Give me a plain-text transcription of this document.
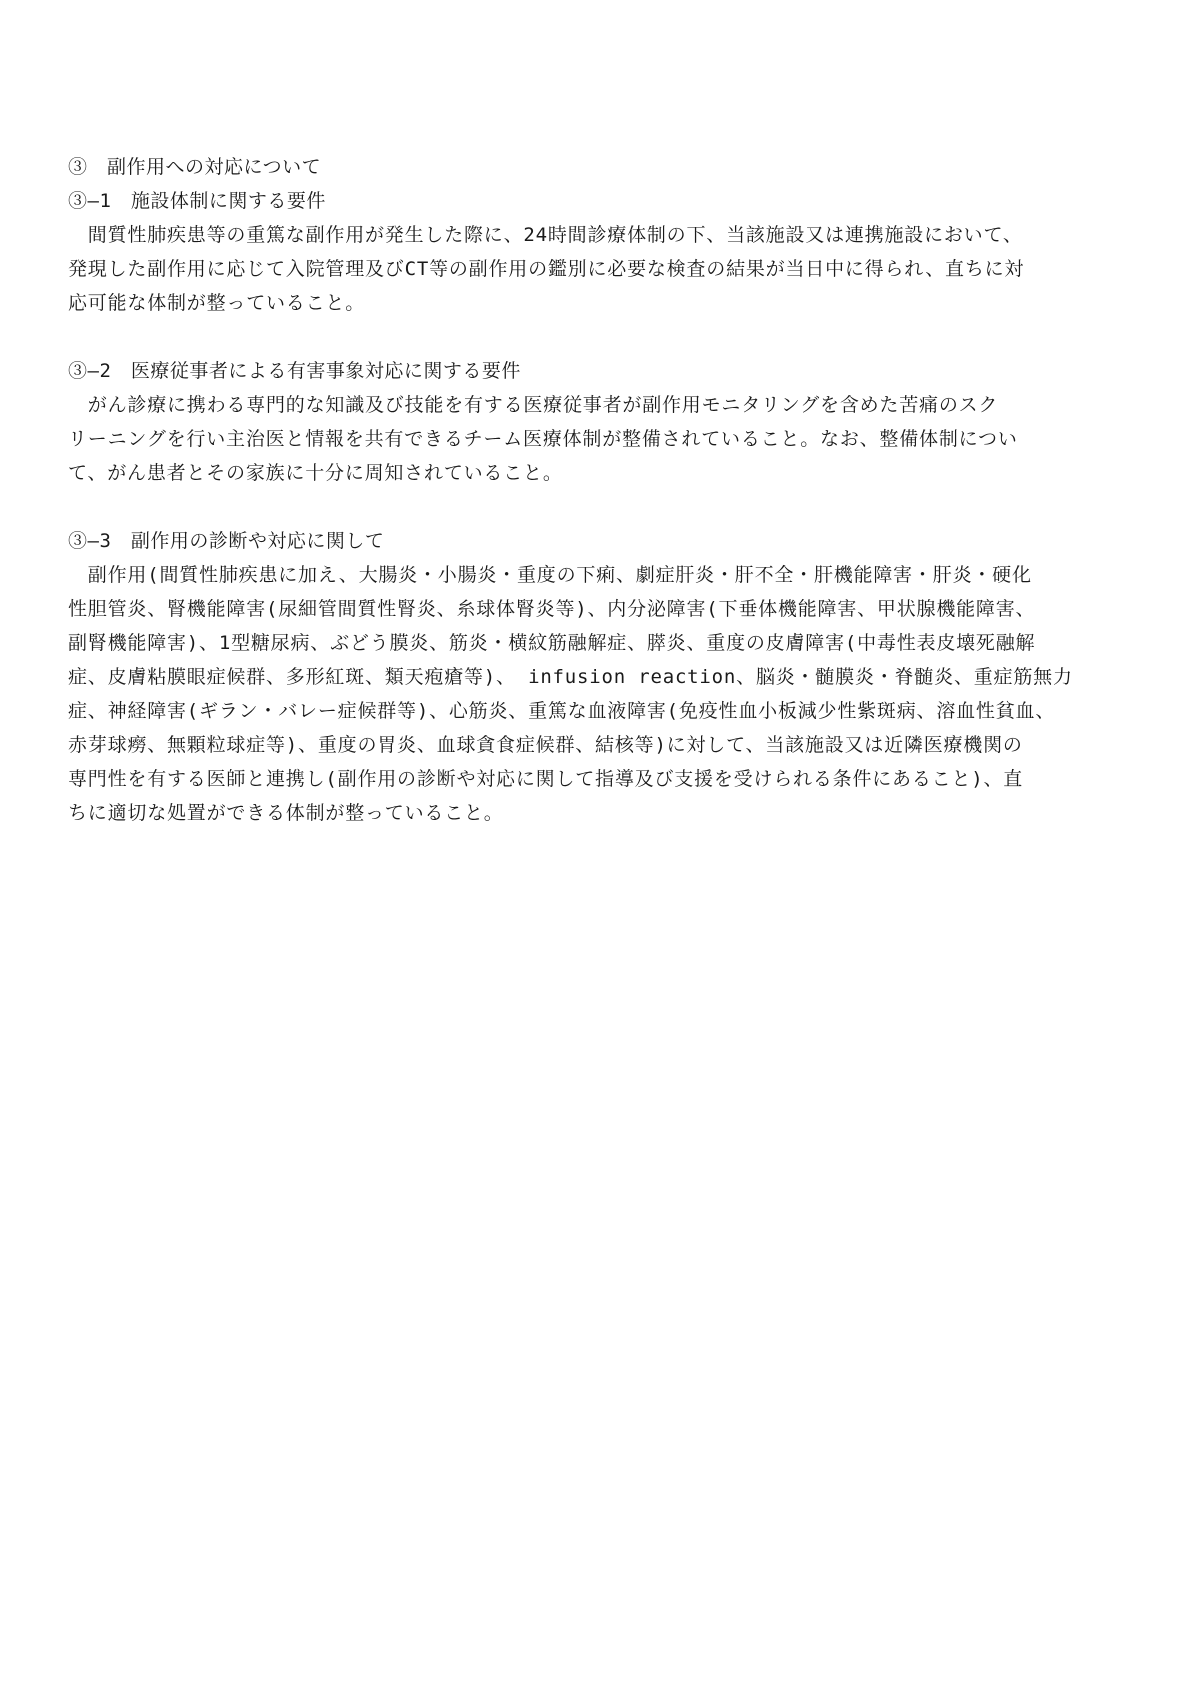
③　副作用への対応について
③―1　施設体制に関する要件
　間質性肺疾患等の重篤な副作用が発生した際に、24時間診療体制の下、当該施設又は連携施設において、
発現した副作用に応じて入院管理及びCT等の副作用の鑑別に必要な検査の結果が当日中に得られ、直ちに対
応可能な体制が整っていること。
③―2　医療従事者による有害事象対応に関する要件
　がん診療に携わる専門的な知識及び技能を有する医療従事者が副作用モニタリングを含めた苦痛のスク
リーニングを行い主治医と情報を共有できるチーム医療体制が整備されていること。なお、整備体制につい
て、がん患者とその家族に十分に周知されていること。
③―3　副作用の診断や対応に関して
　副作用(間質性肺疾患に加え、大腸炎・小腸炎・重度の下痢、劇症肝炎・肝不全・肝機能障害・肝炎・硬化
性胆管炎、腎機能障害(尿細管間質性腎炎、糸球体腎炎等)、内分泌障害(下垂体機能障害、甲状腺機能障害、
副腎機能障害)、1型糖尿病、ぶどう膜炎、筋炎・横紋筋融解症、膵炎、重度の皮膚障害(中毒性表皮壊死融解
症、皮膚粘膜眼症候群、多形紅斑、類天疱瘡等)、 infusion reaction、脳炎・髄膜炎・脊髄炎、重症筋無力
症、神経障害(ギラン・バレー症候群等)、心筋炎、重篤な血液障害(免疫性血小板減少性紫斑病、溶血性貧血、
赤芽球癆、無顆粒球症等)、重度の胃炎、血球貪食症候群、結核等)に対して、当該施設又は近隣医療機関の
専門性を有する医師と連携し(副作用の診断や対応に関して指導及び支援を受けられる条件にあること)、直
ちに適切な処置ができる体制が整っていること。
